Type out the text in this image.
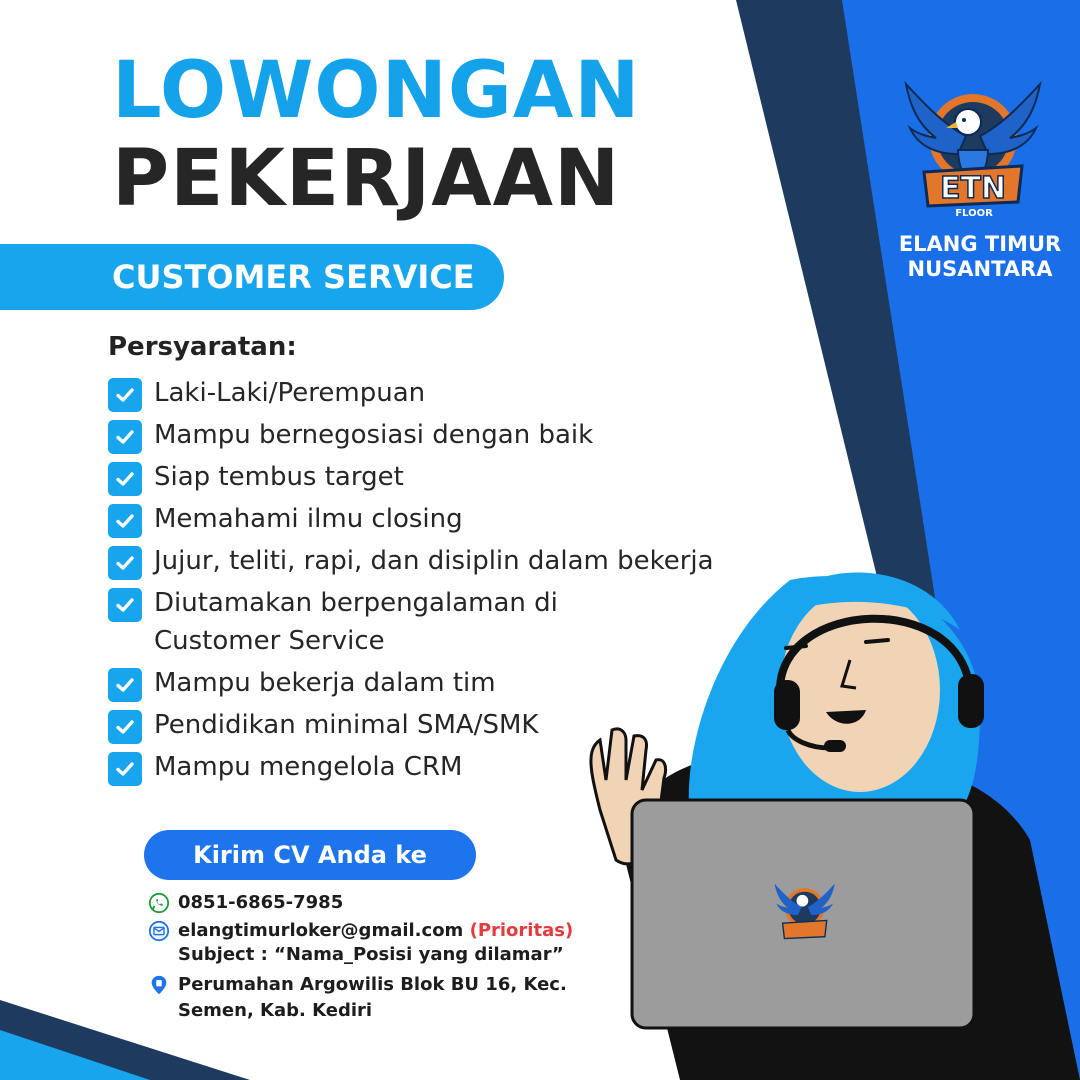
LOWONGAN
PEKERJAAN
CUSTOMER SERVICE
Persyaratan:
Laki-Laki/Perempuan
Mampu bernegosiasi dengan baik
Siap tembus target
Memahami ilmu closing
Jujur, teliti, rapi, dan disiplin dalam bekerja
Diutamakan berpengalaman di
Customer Service
Mampu bekerja dalam tim
Pendidikan minimal SMA/SMK
Mampu mengelola CRM
Kirim CV Anda ke
0851-6865-7985
elangtimurloker@gmail.com
(Prioritas)
Subject : “Nama_Posisi yang dilamar”
Perumahan Argowilis Blok BU 16, Kec. Semen, Kab. Kediri
ETN
FLOOR
ELANG TIMUR NUSANTARA
